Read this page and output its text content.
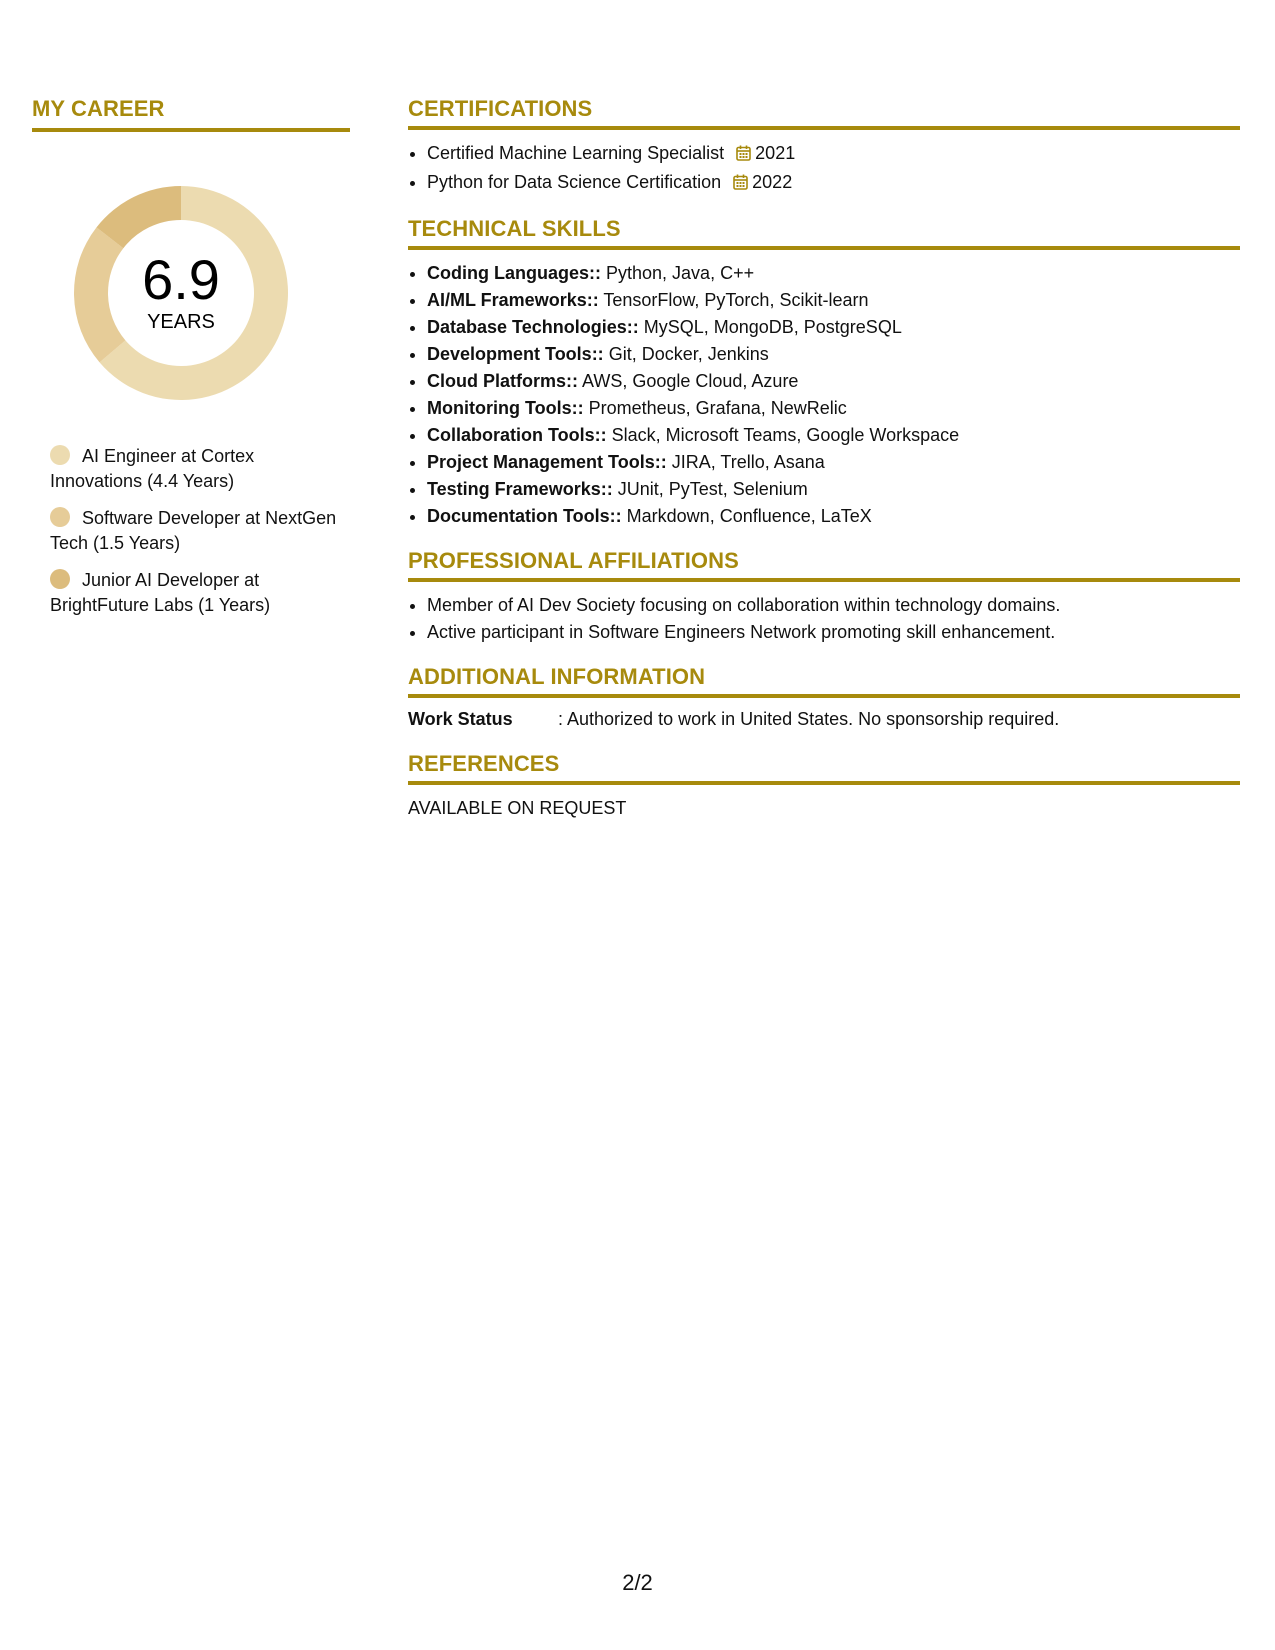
MY CAREER
6.9
YEARS
AI Engineer at Cortex Innovations (4.4 Years)
Software Developer at NextGen Tech (1.5 Years)
Junior AI Developer at BrightFuture Labs (1 Years)
CERTIFICATIONS
• Certified Machine Learning Specialist 2021
• Python for Data Science Certification 2022
TECHNICAL SKILLS
• Coding Languages:: Python, Java, C++
• AI/ML Frameworks:: TensorFlow, PyTorch, Scikit-learn
• Database Technologies:: MySQL, MongoDB, PostgreSQL
• Development Tools:: Git, Docker, Jenkins
• Cloud Platforms:: AWS, Google Cloud, Azure
• Monitoring Tools:: Prometheus, Grafana, NewRelic
• Collaboration Tools:: Slack, Microsoft Teams, Google Workspace
• Project Management Tools:: JIRA, Trello, Asana
• Testing Frameworks:: JUnit, PyTest, Selenium
• Documentation Tools:: Markdown, Confluence, LaTeX
PROFESSIONAL AFFILIATIONS
• Member of AI Dev Society focusing on collaboration within technology domains.
• Active participant in Software Engineers Network promoting skill enhancement.
ADDITIONAL INFORMATION
Work Status	: Authorized to work in United States. No sponsorship required.
REFERENCES
AVAILABLE ON REQUEST
2/2
